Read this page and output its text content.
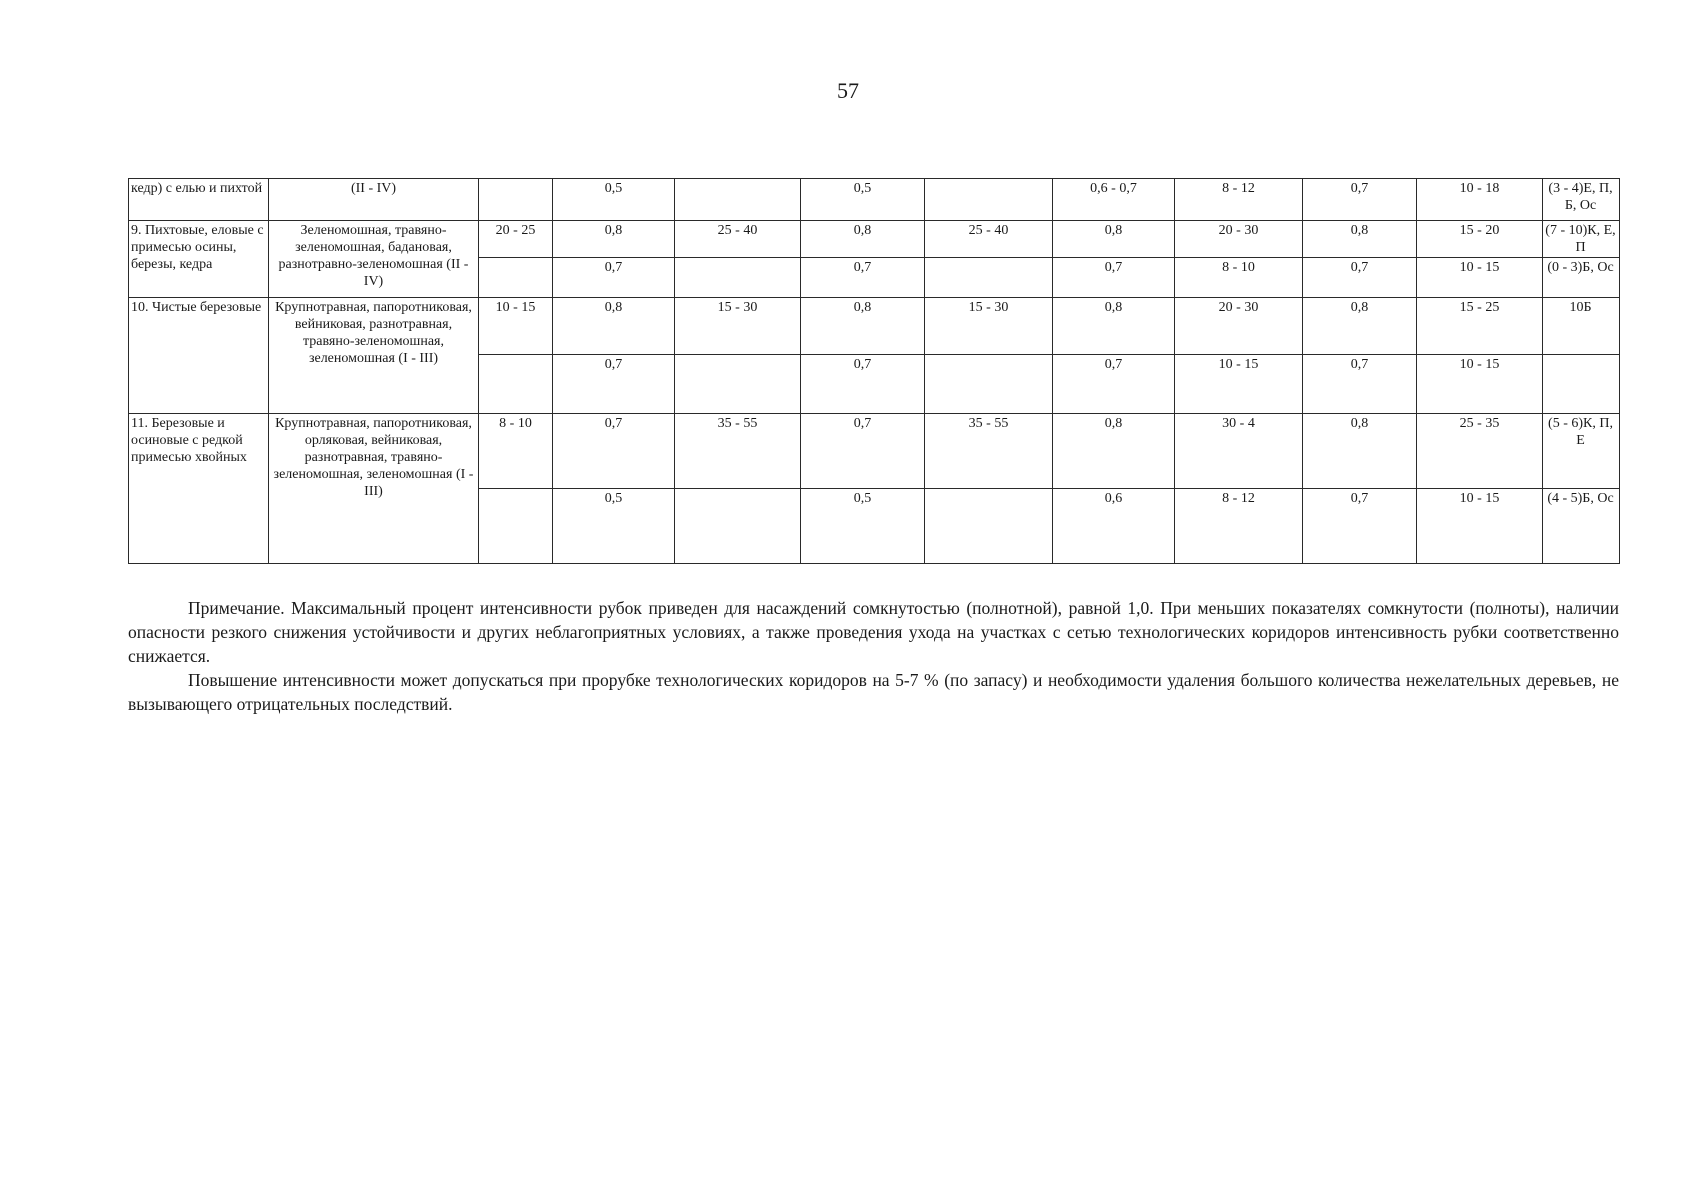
57
кедр) с елью и пихтой	(II - IV)		0,5		0,5		0,6 - 0,7	8 - 12	0,7	10 - 18	(3 - 4)Е, П, Б, Ос
9. Пихтовые, еловые с примесью осины, березы, кедра	Зеленомошная, травяно-зеленомошная, бадановая, разнотравно-зеленомошная (II - IV)	20 - 25	0,8	25 - 40	0,8	25 - 40	0,8	20 - 30	0,8	15 - 20	(7 - 10)К, Е, П
			0,7		0,7		0,7	8 - 10	0,7	10 - 15	(0 - 3)Б, Ос
10. Чистые березовые	Крупнотравная, папоротниковая, вейниковая, разнотравная, травяно-зеленомошная, зеленомошная (I - III)	10 - 15	0,8	15 - 30	0,8	15 - 30	0,8	20 - 30	0,8	15 - 25	10Б
			0,7		0,7		0,7	10 - 15	0,7	10 - 15	
11. Березовые и осиновые с редкой примесью хвойных	Крупнотравная, папоротниковая, орляковая, вейниковая, разнотравная, травяно-зеленомошная, зеленомошная (I - III)	8 - 10	0,7	35 - 55	0,7	35 - 55	0,8	30 - 4	0,8	25 - 35	(5 - 6)К, П, Е
			0,5		0,5		0,6	8 - 12	0,7	10 - 15	(4 - 5)Б, Ос

Примечание. Максимальный процент интенсивности рубок приведен для насаждений сомкнутостью (полнотной), равной 1,0. При меньших показателях сомкнутости (полноты), наличии опасности резкого снижения устойчивости и других неблагоприятных условиях, а также проведения ухода на участках с сетью технологических коридоров интенсивность рубки соответственно снижается.

Повышение интенсивности может допускаться при прорубке технологических коридоров на 5-7 % (по запасу) и необходимости удаления большого количества нежелательных деревьев, не вызывающего отрицательных последствий.
